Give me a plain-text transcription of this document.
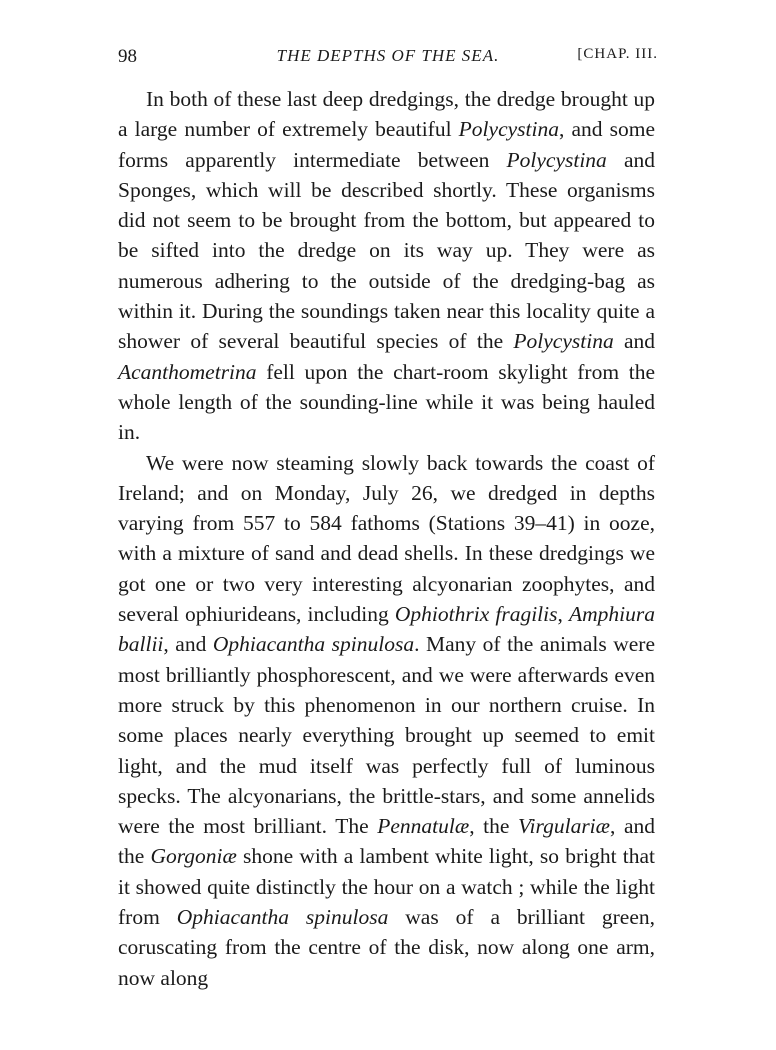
98	THE DEPTHS OF THE SEA.	[CHAP. III.

In both of these last deep dredgings, the dredge brought up a large number of extremely beautiful Polycystina, and some forms apparently intermediate between Polycystina and Sponges, which will be described shortly. These organisms did not seem to be brought from the bottom, but appeared to be sifted into the dredge on its way up. They were as numerous adhering to the outside of the dredging-bag as within it. During the soundings taken near this locality quite a shower of several beautiful species of the Polycystina and Acanthometrina fell upon the chart-room skylight from the whole length of the sounding-line while it was being hauled in.

We were now steaming slowly back towards the coast of Ireland; and on Monday, July 26, we dredged in depths varying from 557 to 584 fathoms (Stations 39–41) in ooze, with a mixture of sand and dead shells. In these dredgings we got one or two very interesting alcyonarian zoophytes, and several ophiurideans, including Ophiothrix fragilis, Amphiura ballii, and Ophiacantha spinulosa. Many of the animals were most brilliantly phosphorescent, and we were afterwards even more struck by this phenomenon in our northern cruise. In some places nearly everything brought up seemed to emit light, and the mud itself was perfectly full of luminous specks. The alcyonarians, the brittle-stars, and some annelids were the most brilliant. The Pennatulæ, the Virgulariæ, and the Gorgoniæ shone with a lambent white light, so bright that it showed quite distinctly the hour on a watch ; while the light from Ophiacantha spinulosa was of a brilliant green, coruscating from the centre of the disk, now along one arm, now along
